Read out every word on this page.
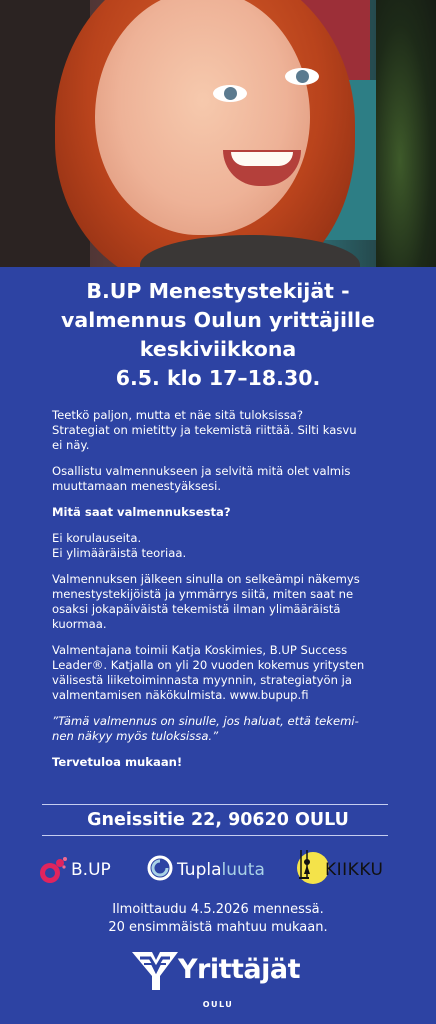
B.UP Menestystekijät -
valmennus Oulun yrittäjille
keskiviikkona
6.5. klo 17–18.30.

Teetkö paljon, mutta et näe sitä tuloksissa?
Strategiat on mietitty ja tekemistä riittää. Silti kasvu
ei näy.

Osallistu valmennukseen ja selvitä mitä olet valmis
muuttamaan menestyäksesi.

Mitä saat valmennuksesta?

Ei korulauseita.
Ei ylimääräistä teoriaa.

Valmennuksen jälkeen sinulla on selkeämpi näkemys
menestystekijöistä ja ymmärrys siitä, miten saat ne
osaksi jokapäiväistä tekemistä ilman ylimääräistä
kuormaa.

Valmentajana toimii Katja Koskimies, B.UP Success
Leader®. Katjalla on yli 20 vuoden kokemus yritysten
välisestä liiketoiminnasta myynnin, strategiatyön ja
valmentamisen näkökulmista. www.bupup.fi

”Tämä valmennus on sinulle, jos haluat, että tekemi-
nen näkyy myös tuloksissa.”

Tervetuloa mukaan!

Gneissitie 22, 90620 OULU
B.UP	Tuplaluuta	KIIKKU
Ilmoittaudu 4.5.2026 mennessä.
20 ensimmäistä mahtuu mukaan.
Yrittäjät
OULU
